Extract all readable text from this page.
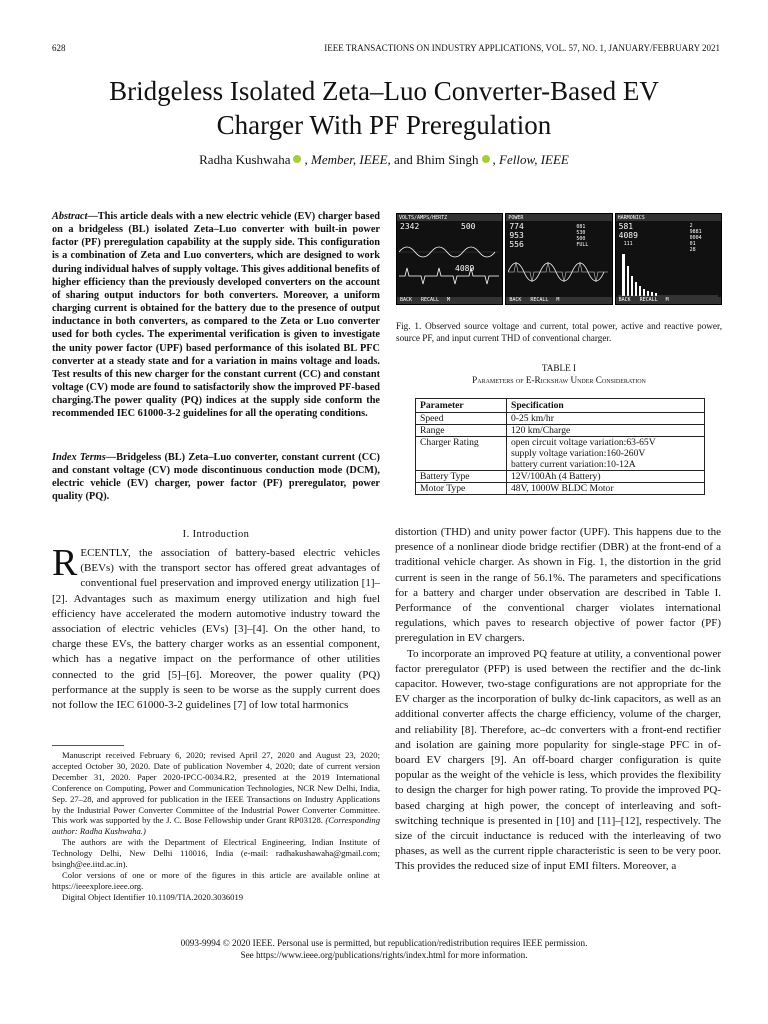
628	IEEE TRANSACTIONS ON INDUSTRY APPLICATIONS, VOL. 57, NO. 1, JANUARY/FEBRUARY 2021
Bridgeless Isolated Zeta–Luo Converter-Based EV
Charger With PF Preregulation
Radha Kushwaha , Member, IEEE, and Bhim Singh , Fellow, IEEE
Abstract—This article deals with a new electric vehicle (EV) charger based on a bridgeless (BL) isolated Zeta–Luo converter with built-in power factor (PF) preregulation capability at the supply side. This configuration is a combination of Zeta and Luo converters, which are designed to work during individual halves of supply voltage. This gives additional benefits of higher efficiency than the previously developed converters on the account of sharing output inductors for both converters. Moreover, a uniform charging current is obtained for the battery due to the presence of output inductance in both converters, as compared to the Zeta or Luo converter used for both cycles. The experimental verification is given to investigate the unity power factor (UPF) based performance of this isolated BL PFC converter at a steady state and for a variation in mains voltage and loads. Test results of this new charger for the constant current (CC) and constant voltage (CV) mode are found to satisfactorily show the improved PF-based charging.The power quality (PQ) indices at the supply side conform the recommended IEC 61000-3-2 guidelines for all the operating conditions.
Index Terms—Bridgeless (BL) Zeta–Luo converter, constant current (CC) and constant voltage (CV) mode discontinuous conduction mode (DCM), electric vehicle (EV) charger, power factor (PF) preregulator, power quality (PQ).
I. Introduction
RECENTLY, the association of battery-based electric vehicles (BEVs) with the transport sector has offered great advantages of conventional fuel preservation and improved energy utilization [1]–[2]. Advantages such as maximum energy utilization and high fuel efficiency have accelerated the modern automotive industry toward the association of electric vehicles (EVs) [3]–[4]. On the other hand, to charge these EVs, the battery charger works as an essential component, which has a negative impact on the performance of other utilities connected to the grid [5]–[6]. Moreover, the power quality (PQ) performance at the supply is seen to be worse as the supply current does not follow the IEC 61000-3-2 guidelines [7] of low total harmonics

Manuscript received February 6, 2020; revised April 27, 2020 and August 23, 2020; accepted October 30, 2020. Date of publication November 4, 2020; date of current version December 31, 2020. Paper 2020-IPCC-0034.R2, presented at the 2019 International Conference on Computing, Power and Communication Technologies, NCR New Delhi, India, Sep. 27–28, and approved for publication in the IEEE Transactions on Industry Applications by the Industrial Power Converter Committee of the Industrial Power Converter Committee. This work was supported by the J. C. Bose Fellowship under Grant RP03128. (Corresponding author: Radha Kushwaha.)

The authors are with the Department of Electrical Engineering, Indian Institute of Technology Delhi, New Delhi 110016, India (e-mail: radhakushawaha@gmail.com; bsingh@ee.iitd.ac.in).

Color versions of one or more of the figures in this article are available online at https://ieeexplore.ieee.org.

Digital Object Identifier 10.1109/TIA.2020.3036019

VOLTS/AMPS/HERTZ
2342	500
4089
BACK RECALL M
POWER
774
953
556
081
530
500
FULL
BACK RECALL M
HARMONICS
581
4089
111
2
9881
0004
01
28
BACK RECALL M
Fig. 1. Observed source voltage and current, total power, active and reactive power, source PF, and input current THD of conventional charger.
TABLE I
Parameters of E-Rickshaw Under Consideration
Parameter	Specification
Speed	0-25 km/hr
Range	120 km/Charge
Charger Rating	open circuit voltage variation:63-65V
supply voltage variation:160-260V
battery current variation:10-12A

Battery Type	12V/100Ah (4 Battery)
Motor Type	48V, 1000W BLDC Motor

distortion (THD) and unity power factor (UPF). This happens due to the presence of a nonlinear diode bridge rectifier (DBR) at the front-end of a traditional vehicle charger. As shown in Fig. 1, the distortion in the grid current is seen in the range of 56.1%. The parameters and specifications for a battery and charger under observation are described in Table I. Performance of the conventional charger violates international regulations, which paves to research objective of power factor (PF) preregulation in EV chargers.

To incorporate an improved PQ feature at utility, a conventional power factor preregulator (PFP) is used between the rectifier and the dc-link capacitor. However, two-stage configurations are not appropriate for the EV charger as the incorporation of bulky dc-link capacitors, as well as an additional converter affects the charge efficiency, volume of the charger, and reliability [8]. Therefore, ac–dc converters with a front-end rectifier and isolation are gaining more popularity for single-stage PFC in of-board EV chargers [9]. An off-board charger configuration is quite popular as the weight of the vehicle is less, which provides the flexibility to design the charger for high power rating. To provide the improved PQ-based charging at high power, the concept of interleaving and soft-switching technique is presented in [10] and [11]–[12], respectively. The size of the circuit inductance is reduced with the interleaving of two phases, as well as the current ripple characteristic is seen to be very poor. This provides the reduced size of input EMI filters. Moreover, a

0093-9994 © 2020 IEEE. Personal use is permitted, but republication/redistribution requires IEEE permission.
See https://www.ieee.org/publications/rights/index.html for more information.
